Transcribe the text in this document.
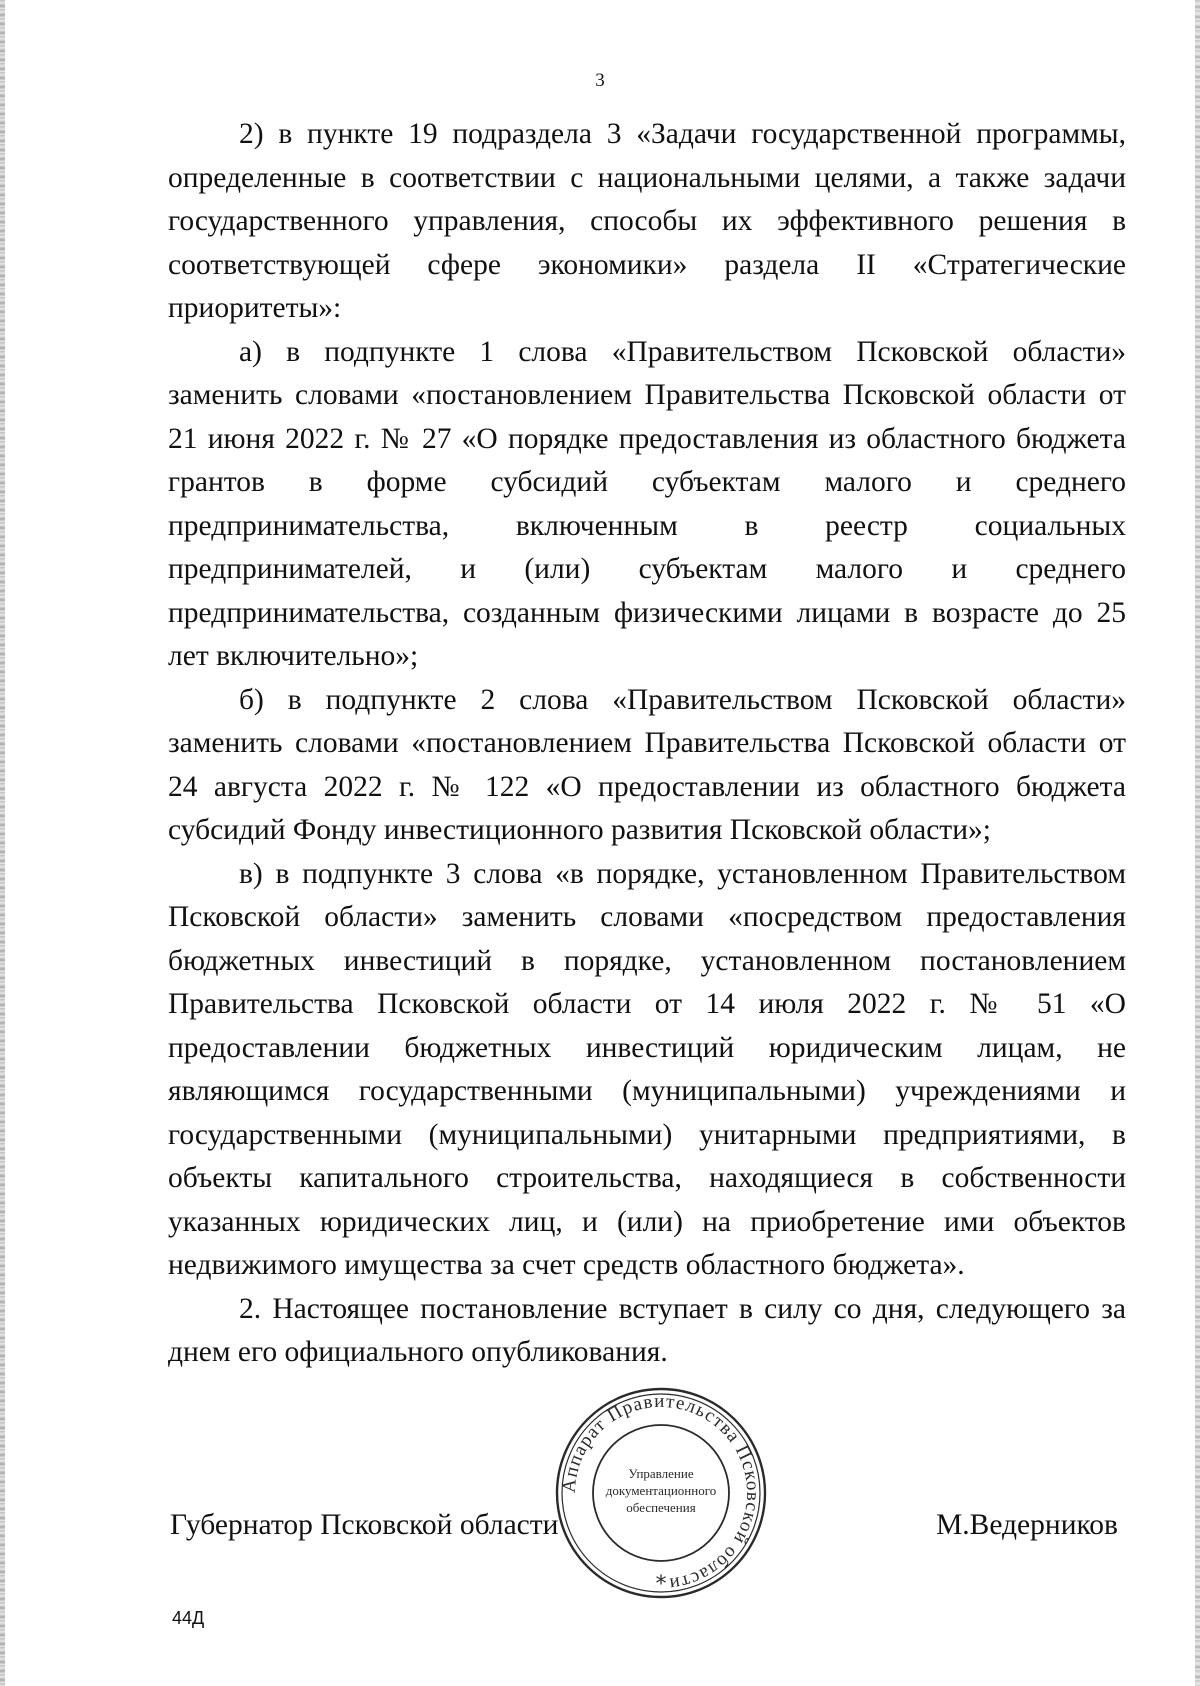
3

2) в пункте 19 подраздела 3 «Задачи государственной программы, определенные в соответствии с национальными целями, а также задачи государственного управления, способы их эффективного решения в соответствующей сфере экономики» раздела II «Стратегические приоритеты»:

а) в подпункте 1 слова «Правительством Псковской области» заменить словами «постановлением Правительства Псковской области от 21 июня 2022 г. № 27 «О порядке предоставления из областного бюджета грантов в форме субсидий субъектам малого и среднего предпринимательства, включенным в реестр социальных предпринимателей, и (или) субъектам малого и среднего предпринимательства, созданным физическими лицами в возрасте до 25 лет включительно»;

б) в подпункте 2 слова «Правительством Псковской области» заменить словами «постановлением Правительства Псковской области от 24 августа 2022 г. № 122 «О предоставлении из областного бюджета субсидий Фонду инвестиционного развития Псковской области»;

в) в подпункте 3 слова «в порядке, установленном Правительством Псковской области» заменить словами «посредством предоставления бюджетных инвестиций в порядке, установленном постановлением Правительства Псковской области от 14 июля 2022 г. № 51 «О предоставлении бюджетных инвестиций юридическим лицам, не являющимся государственными (муниципальными) учреждениями и государственными (муниципальными) унитарными предприятиями, в объекты капитального строительства, находящиеся в собственности указанных юридических лиц, и (или) на приобретение ими объектов недвижимого имущества за счет средств областного бюджета».

2. Настоящее постановление вступает в силу со дня, следующего за днем его официального опубликования.

Губернатор Псковской области	М.Ведерников
Аппарат Правительства Псковской области
Управление
документационного
обеспечения
*
44Д
